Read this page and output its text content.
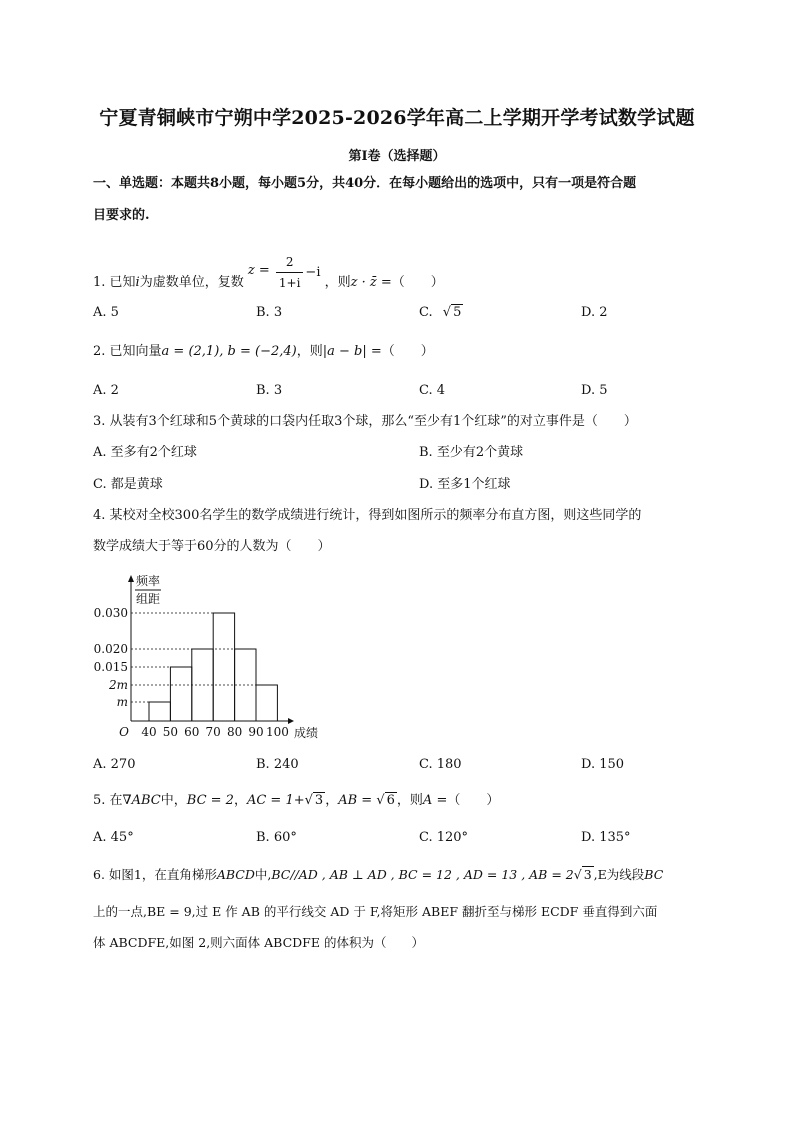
宁夏青铜峡市宁朔中学2025-2026学年高二上学期开学考试数学试题
第Ⅰ卷（选择题）
一、单选题：本题共8小题，每小题5分，共40分．在每小题给出的选项中，只有一项是符合题
目要求的.
1. 已知i为虚数单位，复数 $z = \frac{2}{1+i} -i$ ，则z · z̄ =（　　）
A. 5	B. 3	C. √ 5	D. 2
2. 已知向量a = (2,1), b = (−2,4)，则|a − b| =（　　）
A. 2	B. 3	C. 4	D. 5
3. 从装有3个红球和5个黄球的口袋内任取3个球，那么“至少有1个红球”的对立事件是（　　）
A. 至多有2个红球	B. 至少有2个黄球
C. 都是黄球	D. 至多1个红球
4. 某校对全校300名学生的数学成绩进行统计，得到如图所示的频率分布直方图，则这些同学的
数学成绩大于等于60分的人数为（　　）
频率
组距
O	成绩
m
2m
0.015
0.020
0.030
40 50 60 70 80 90 100
A. 270	B. 240	C. 180	D. 150
5. 在∇ABC中，BC = 2，AC = 1+√ 3 ，AB = √ 6 ，则A =（　　）
A. 45°	B. 60°	C. 120°	D. 135°
6. 如图1，在直角梯形ABCD中,BC//AD , AB ⊥ AD , BC = 12 , AD = 13 , AB = 2√ 3 ,E为线段BC
上的一点,BE = 9,过 E 作 AB 的平行线交 AD 于 F,将矩形 ABEF 翻折至与梯形 ECDF 垂直得到六面
体 ABCDFE,如图 2,则六面体 ABCDFE 的体积为（　　）
